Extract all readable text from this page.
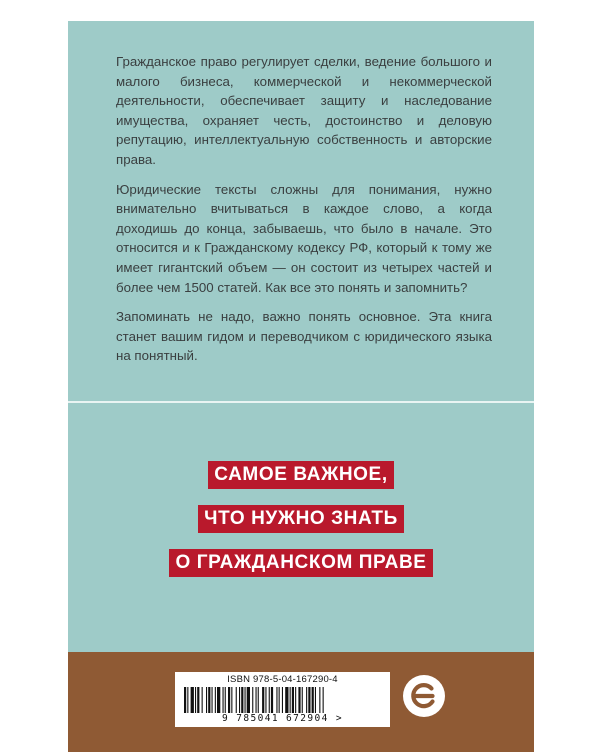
Гражданское право регулирует сделки, ведение большого и малого бизнеса, коммерческой и некоммерческой деятельности, обеспечивает защиту и наследование имущества, охраняет честь, достоинство и деловую репутацию, интеллектуальную собственность и авторские права.

Юридические тексты сложны для понимания, нужно внимательно вчитываться в каждое слово, а когда доходишь до конца, забываешь, что было в начале. Это относится и к Гражданскому кодексу РФ, который к тому же имеет гигантский объем — он состоит из четырех частей и более чем 1500 статей. Как все это понять и запомнить?

Запоминать не надо, важно понять основное. Эта книга станет вашим гидом и переводчиком с юридического языка на понятный.

САМОЕ ВАЖНОЕ,
ЧТО НУЖНО ЗНАТЬ
О ГРАЖДАНСКОМ ПРАВЕ
ISBN 978-5-04-167290-4
9 785041 672904 >
